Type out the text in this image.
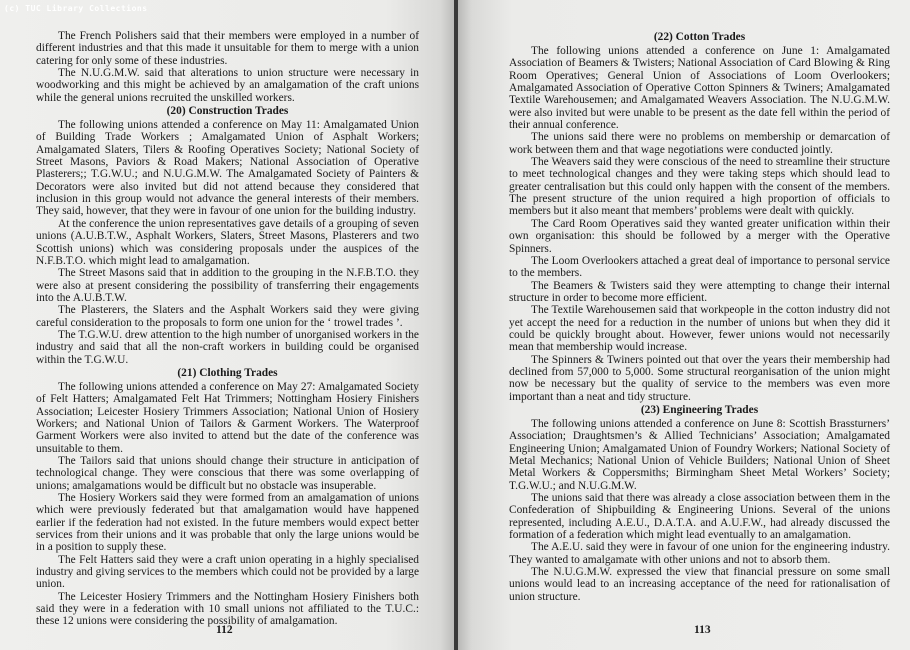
(c) TUC Library Collections

The French Polishers said that their members were employed in a number of different industries and that this made it unsuitable for them to merge with a union catering for only some of these industries.

The N.U.G.M.W. said that alterations to union structure were necessary in woodworking and this might be achieved by an amalgamation of the craft unions while the general unions recruited the unskilled workers.

(20) Construction Trades

The following unions attended a conference on May 11: Amalgamated Union of Building Trade Workers ; Amalgamated Union of Asphalt Workers; Amalgamated Slaters, Tilers & Roofing Operatives Society; National Society of Street Masons, Paviors & Road Makers; National Association of Operative Plasterers;; T.G.W.U.; and N.U.G.M.W. The Amalgamated Society of Painters & Decorators were also invited but did not attend because they considered that inclusion in this group would not advance the general interests of their members. They said, however, that they were in favour of one union for the building industry.

At the conference the union representatives gave details of a grouping of seven unions (A.U.B.T.W., Asphalt Workers, Slaters, Street Masons, Plasterers and two Scottish unions) which was considering proposals under the auspices of the N.F.B.T.O. which might lead to amalgamation.

The Street Masons said that in addition to the grouping in the N.F.B.T.O. they were also at present considering the possibility of transferring their engagements into the A.U.B.T.W.

The Plasterers, the Slaters and the Asphalt Workers said they were giving careful consideration to the proposals to form one union for the ‘ trowel trades ’.

The T.G.W.U. drew attention to the high number of unorganised workers in the industry and said that all the non-craft workers in building could be organised within the T.G.W.U.

(21) Clothing Trades

The following unions attended a conference on May 27: Amalgamated Society of Felt Hatters; Amalgamated Felt Hat Trimmers; Nottingham Hosiery Finishers Association; Leicester Hosiery Trimmers Association; National Union of Hosiery Workers; and National Union of Tailors & Garment Workers. The Waterproof Garment Workers were also invited to attend but the date of the conference was unsuitable to them.

The Tailors said that unions should change their structure in anticipation of technological change. They were conscious that there was some overlapping of unions; amalgamations would be difficult but no obstacle was insuperable.

The Hosiery Workers said they were formed from an amalgamation of unions which were previously federated but that amalgamation would have happened earlier if the federation had not existed. In the future members would expect better services from their unions and it was probable that only the large unions would be in a position to supply these.

The Felt Hatters said they were a craft union operating in a highly specialised industry and giving services to the members which could not be provided by a large union.

The Leicester Hosiery Trimmers and the Nottingham Hosiery Finishers both said they were in a federation with 10 small unions not affiliated to the T.U.C.: these 12 unions were considering the possibility of amalgamation.

112
(22) Cotton Trades

The following unions attended a conference on June 1: Amalgamated Association of Beamers & Twisters; National Association of Card Blowing & Ring Room Operatives; General Union of Associations of Loom Overlookers; Amalgamated Association of Operative Cotton Spinners & Twiners; Amalgamated Textile Warehousemen; and Amalgamated Weavers Association. The N.U.G.M.W. were also invited but were unable to be present as the date fell within the period of their annual conference.

The unions said there were no problems on membership or demarcation of work between them and that wage negotiations were conducted jointly.

The Weavers said they were conscious of the need to streamline their structure to meet technological changes and they were taking steps which should lead to greater centralisation but this could only happen with the consent of the members. The present structure of the union required a high proportion of officials to members but it also meant that members’ problems were dealt with quickly.

The Card Room Operatives said they wanted greater unification within their own organisation: this should be followed by a merger with the Operative Spinners.

The Loom Overlookers attached a great deal of importance to personal service to the members.

The Beamers & Twisters said they were attempting to change their internal structure in order to become more efficient.

The Textile Warehousemen said that workpeople in the cotton industry did not yet accept the need for a reduction in the number of unions but when they did it could be quickly brought about. However, fewer unions would not necessarily mean that membership would increase.

The Spinners & Twiners pointed out that over the years their membership had declined from 57,000 to 5,000. Some structural reorganisation of the union might now be necessary but the quality of service to the members was even more important than a neat and tidy structure.

(23) Engineering Trades

The following unions attended a conference on June 8: Scottish Brassturners’ Association; Draughtsmen’s & Allied Technicians’ Association; Amalgamated Engineering Union; Amalgamated Union of Foundry Workers; National Society of Metal Mechanics; National Union of Vehicle Builders; National Union of Sheet Metal Workers & Coppersmiths; Birmingham Sheet Metal Workers’ Society; T.G.W.U.; and N.U.G.M.W.

The unions said that there was already a close association between them in the Confederation of Shipbuilding & Engineering Unions. Several of the unions represented, including A.E.U., D.A.T.A. and A.U.F.W., had already discussed the formation of a federation which might lead eventually to an amalgamation.

The A.E.U. said they were in favour of one union for the engineering industry. They wanted to amalgamate with other unions and not to absorb them.

The N.U.G.M.W. expressed the view that financial pressure on some small unions would lead to an increasing acceptance of the need for rationalisation of union structure.

113
